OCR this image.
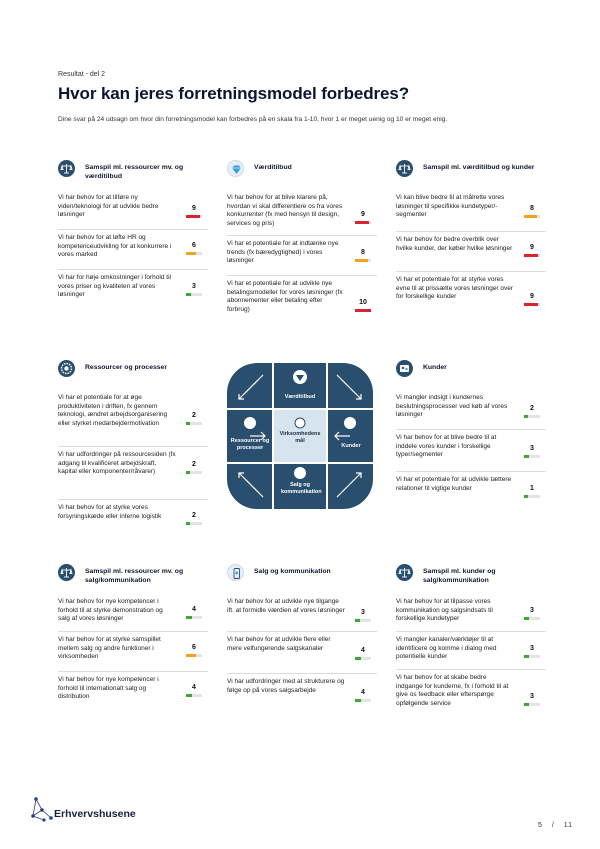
Resultat - del 2
Hvor kan jeres forretningsmodel forbedres?
Dine svar på 24 udsagn om hvor din forretningsmodel kan forbedres på en skala fra 1-10, hvor 1 er meget uenig og 10 er meget enig.
Samspil ml. ressourcer mv. og værditilbud
Vi har behov for at tilføre ny viden/teknologi for at udvikle bedre løsninger
9
Vi har behov for at løfte HR og kompetenceudvikling for at konkurrere i vores marked
6
Vi har for høje omkostninger i forhold til vores priser og kvaliteten af vores løsninger
3
Værditilbud
Vi har behov for at blive klarere på, hvordan vi skal differentiere os fra vores konkurrenter (fx med hensyn til design, services og pris)
9
Vi har et potentiale for at indtænke nye trends (fx bæredygtighed) i vores løsninger
8
Vi har et potentiale for at udvikle nye betalingsmodeller for vores løsninger (fx abonnementer eller betaling efter forbrug)
10
Samspil ml. værditilbud og kunder
Vi kan blive bedre til at målrette vores løsninger til specifikke kundetyper/-segmenter
8
Vi har behov for bedre overblik over hvilke kunder, der køber hvilke løsninger	9
Vi har et potentiale for at styrke vores evne til at prissætte vores løsninger over for forskellige kunder	9
Ressourcer og processer
Vi har et potentiale for at øge produktiviteten i driften, fx gennem teknologi, ændret arbejdsorganisering eller styrket medarbejdermotivation
2
Vi har udfordringer på ressourcesiden (fx adgang til kvalificeret arbejdskraft, kapital eller komponenter/råvarer)
2
Vi har behov for at styrke vores forsyningskæde eller interne logistik	2
Kunder
Vi mangler indsigt i kundernes beslutningsprocesser ved køb af vores løsninger
2
Vi har behov for at blive bedre til at inddele vores kunder i forskellige typer/segmenter
3
Vi har et potentiale for at udvikle tættere relationer til vigtige kunder	1
Samspil ml. ressourcer mv. og salg/kommunikation
Vi har behov for nye kompetencer i forhold til at styrke demonstration og salg af vores løsninger
4
Vi har behov for at styrke samspillet mellem salg og andre funktioner i virksomheden
6
Vi har behov for nye kompetencer i forhold til internationalt salg og distribution
4
Salg og kommunikation
Vi har behov for at udvikle nye tilgange ift. at formidle værdien af vores løsninger	3
Vi har behov for at udvikle flere eller mere velfungerende salgskanaler	4
Vi har udfordringer med at strukturere og følge op på vores salgsarbejde	4
Samspil ml. kunder og salg/kommunikation
Vi har behov for at tilpasse vores kommunikation og salgsindsats til forskellige kundetyper
3
Vi mangler kanaler/værktøjer til at identificere og komme i dialog med potentielle kunder
3
Vi har behov for at skabe bedre indgange for kunderne, fx i forhold til at give os feedback eller efterspørge opfølgende service
3
Værditilbud
Ressourcer og processer
Virksomhedens mål
Kunder
Salg og kommunikation
Erhvervshusene
5 / 11
